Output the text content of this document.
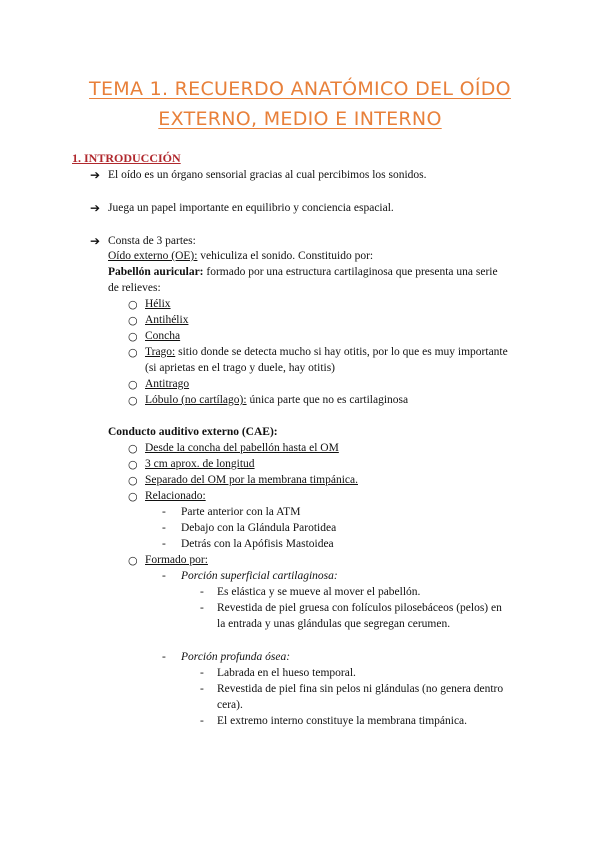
TEMA 1. RECUERDO ANATÓMICO DEL OÍDO
EXTERNO, MEDIO E INTERNO
1. INTRODUCCIÓN
➔ El oído es un órgano sensorial gracias al cual percibimos los sonidos.
➔ Juega un papel importante en equilibrio y conciencia espacial.
➔ Consta de 3 partes:
Oído externo (OE): vehiculiza el sonido. Constituido por:
Pabellón auricular: formado por una estructura cartilaginosa que presenta una serie
de relieves:
○ Hélix
○ Antihélix
○ Concha
○ Trago: sitio donde se detecta mucho si hay otitis, por lo que es muy importante
(si aprietas en el trago y duele, hay otitis)
○ Antitrago
○ Lóbulo (no cartílago): única parte que no es cartilaginosa
Conducto auditivo externo (CAE):
○ Desde la concha del pabellón hasta el OM
○ 3 cm aprox. de longitud
○ Separado del OM por la membrana timpánica.
○ Relacionado:
- Parte anterior con la ATM
- Debajo con la Glándula Parotidea
- Detrás con la Apófisis Mastoidea
○ Formado por:
- Porción superficial cartilaginosa:
- Es elástica y se mueve al mover el pabellón.
- Revestida de piel gruesa con folículos pilosebáceos (pelos) en
la entrada y unas glándulas que segregan cerumen.
- Porción profunda ósea:
- Labrada en el hueso temporal.
- Revestida de piel fina sin pelos ni glándulas (no genera dentro
cera).
- El extremo interno constituye la membrana timpánica.
